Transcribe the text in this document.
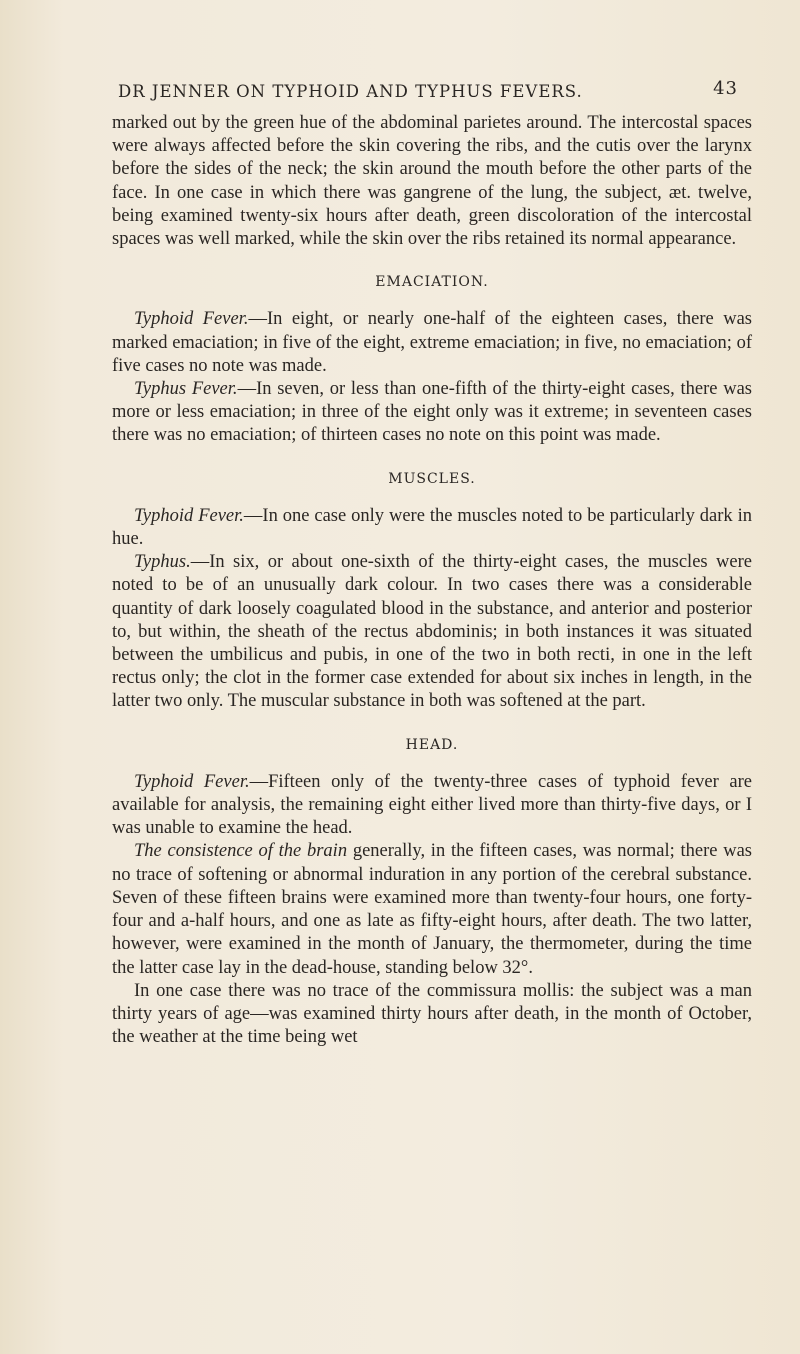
DR JENNER ON TYPHOID AND TYPHUS FEVERS.	43

marked out by the green hue of the abdominal parietes around. The intercostal spaces were always affected before the skin covering the ribs, and the cutis over the larynx before the sides of the neck; the skin around the mouth before the other parts of the face. In one case in which there was gangrene of the lung, the subject, æt. twelve, being examined twenty-six hours after death, green discoloration of the intercostal spaces was well marked, while the skin over the ribs retained its normal appearance.

EMACIATION.

Typhoid Fever.—In eight, or nearly one-half of the eighteen cases, there was marked emaciation; in five of the eight, extreme emaciation; in five, no emaciation; of five cases no note was made.

Typhus Fever.—In seven, or less than one-fifth of the thirty-eight cases, there was more or less emaciation; in three of the eight only was it extreme; in seventeen cases there was no emaciation; of thirteen cases no note on this point was made.

MUSCLES.

Typhoid Fever.—In one case only were the muscles noted to be particularly dark in hue.

Typhus.—In six, or about one-sixth of the thirty-eight cases, the muscles were noted to be of an unusually dark colour. In two cases there was a considerable quantity of dark loosely coagulated blood in the substance, and anterior and posterior to, but within, the sheath of the rectus abdominis; in both instances it was situated between the umbilicus and pubis, in one of the two in both recti, in one in the left rectus only; the clot in the former case extended for about six inches in length, in the latter two only. The muscular substance in both was softened at the part.

HEAD.

Typhoid Fever.—Fifteen only of the twenty-three cases of typhoid fever are available for analysis, the remaining eight either lived more than thirty-five days, or I was unable to examine the head.

The consistence of the brain generally, in the fifteen cases, was normal; there was no trace of softening or abnormal induration in any portion of the cerebral substance. Seven of these fifteen brains were examined more than twenty-four hours, one forty-four and a-half hours, and one as late as fifty-eight hours, after death. The two latter, however, were examined in the month of January, the thermometer, during the time the latter case lay in the dead-house, standing below 32°.

In one case there was no trace of the commissura mollis: the subject was a man thirty years of age—was examined thirty hours after death, in the month of October, the weather at the time being wet
